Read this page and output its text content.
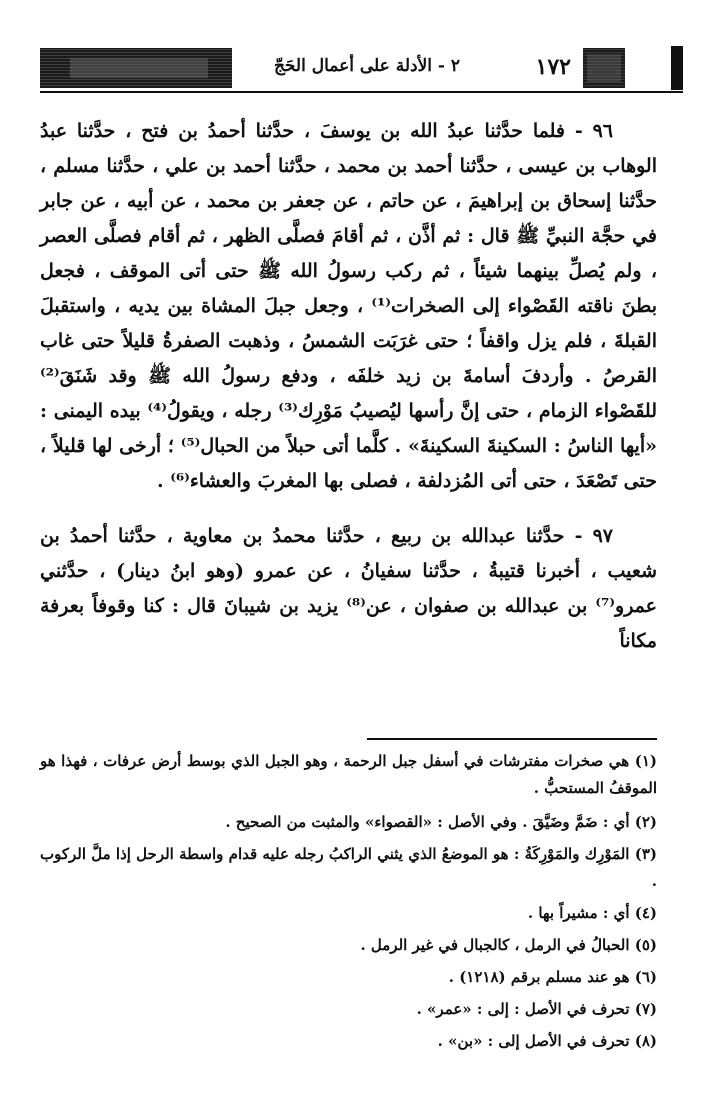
١٧٢
٢ - الأدلة على أعمال الحَجّ

٩٦ - فلما حدَّثنا عبدُ الله بن يوسفَ ، حدَّثنا أحمدُ بن فتح ، حدَّثنا عبدُ الوهاب بن عيسى ، حدَّثنا أحمد بن محمد ، حدَّثنا أحمد بن علي ، حدَّثنا مسلم ، حدَّثنا إسحاق بن إبراهيمَ ، عن حاتم ، عن جعفر بن محمد ، عن أبيه ، عن جابر في حجَّة النبيِّ ﷺ قال : ثم أذَّن ، ثم أقامَ فصلَّى الظهر ، ثم أقام فصلَّى العصر ، ولم يُصلِّ بينهما شيئاً ، ثم ركب رسولُ الله ﷺ حتى أتى الموقف ، فجعل بطنَ ناقته القَصْواء إلى الصخرات⁽¹⁾ ، وجعل جبلَ المشاة بين يديه ، واستقبلَ القبلةَ ، فلم يزل واقفاً ؛ حتى غرَبَت الشمسُ ، وذهبت الصفرةُ قليلاً حتى غاب القرصُ . وأردفَ أسامةَ بن زيد خلفَه ، ودفع رسولُ الله ﷺ وقد شَنَقَ⁽²⁾ للقَصْواء الزمام ، حتى إنَّ رأسها ليُصيبُ مَوْرِك⁽³⁾ رجله ، ويقولُ⁽⁴⁾ بيده اليمنى : «أيها الناسُ : السكينةَ السكينةَ» . كلَّما أتى حبلاً من الحبال⁽⁵⁾ ؛ أرخى لها قليلاً ، حتى تَصْعَدَ ، حتى أتى المُزدلفة ، فصلى بها المغربَ والعشاء⁽⁶⁾ .

٩٧ - حدَّثنا عبدالله بن ربيع ، حدَّثنا محمدُ بن معاوية ، حدَّثنا أحمدُ بن شعيب ، أخبرنا قتيبةُ ، حدَّثنا سفيانُ ، عن عمرو (وهو ابنُ دينار) ، حدَّثني عمرو⁽⁷⁾ بن عبدالله بن صفوان ، عن⁽⁸⁾ يزيد بن شيبانَ قال : كنا وقوفاً بعرفة مكاناً

(١) هي صخرات مفترشات في أسفل جبل الرحمة ، وهو الجبل الذي بوسط أرض عرفات ، فهذا هو الموقفُ المستحبُّ .
(٢) أي : ضَمَّ وضَيَّقَ . وفي الأصل : «القصواء» والمثبت من الصحيح .
(٣) المَوْرِك والمَوْرِكَةُ : هو الموضعُ الذي يثني الراكبُ رجله عليه قدام واسطة الرحل إذا ملَّ الركوب .
(٤) أي : مشيراً بها .
(٥) الحبالُ في الرمل ، كالجبال في غير الرمل .
(٦) هو عند مسلم برقم (١٢١٨) .
(٧) تحرف في الأصل : إلى : «عمر» .
(٨) تحرف في الأصل إلى : «بن» .
